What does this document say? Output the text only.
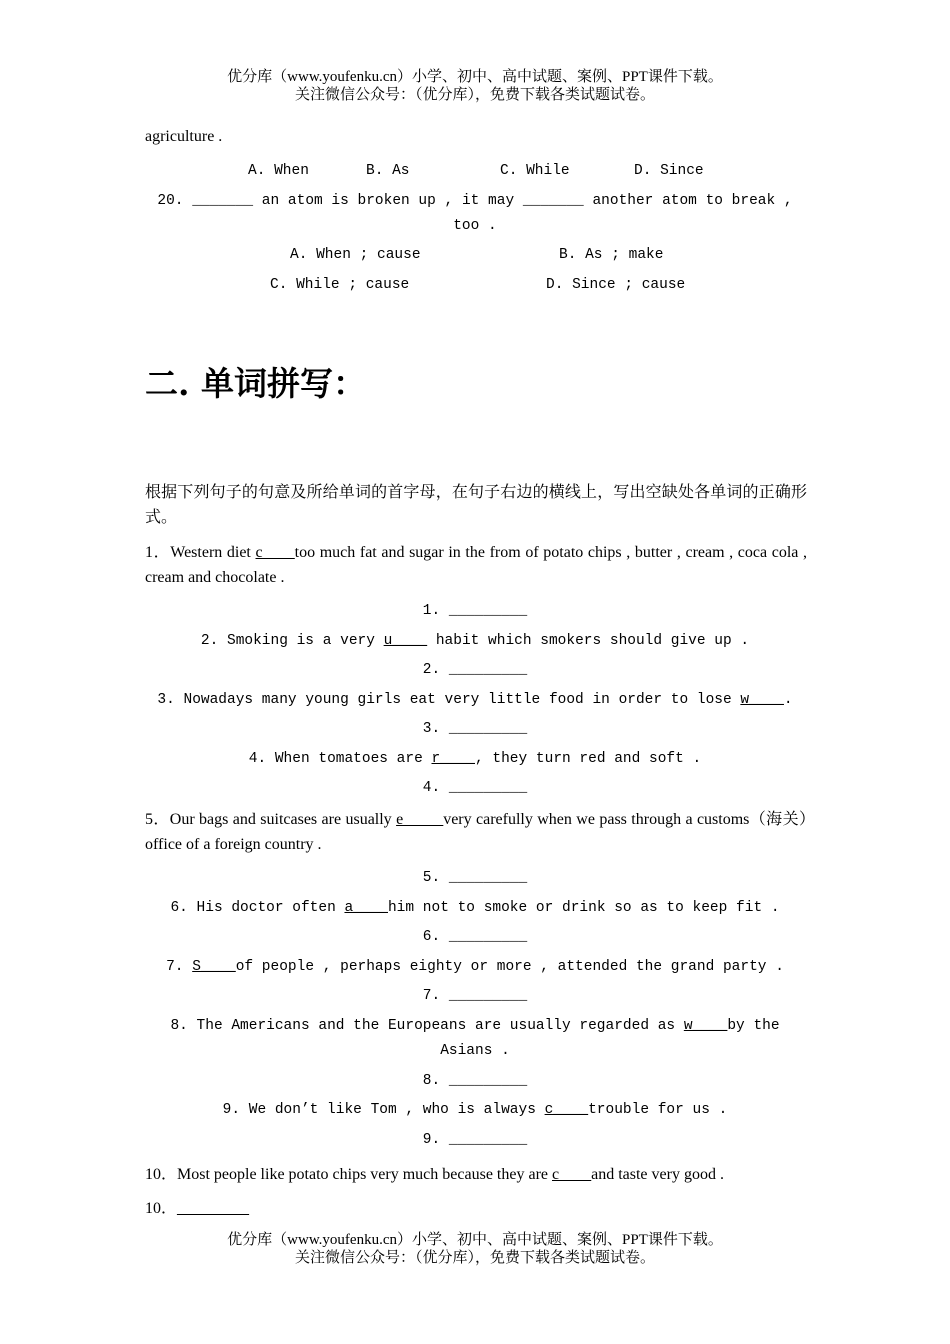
优分库（www.youfenku.cn）小学、初中、高中试题、案例、PPT课件下载。
关注微信公众号：（优分库），免费下载各类试题试卷。
agriculture .
A. When	B. As	C. While	D. Since
20. _______ an atom is broken up , it may _______ another atom to break ,
too .
A. When ; cause	B. As ; make
C. While ; cause	D. Since ; cause
二. 单词拼写：
根据下列句子的句意及所给单词的首字母，在句子右边的横线上，写出空缺处各单词的正确形式。
1．Western diet c____too much fat and sugar in the from of potato chips , butter , cream , coca cola , cream and chocolate .
1. _________
2. Smoking is a very u____ habit which smokers should give up .
2. _________
3. Nowadays many young girls eat very little food in order to lose w____.
3. _________
4. When tomatoes are r____, they turn red and soft .
4. _________
5．Our bags and suitcases are usually e_____very carefully when we pass through a customs（海关）office of a foreign country .
5. _________
6. His doctor often a____him not to smoke or drink so as to keep fit .
6. _________
7. S____of people , perhaps eighty or more , attended the grand party .
7. _________
8. The Americans and the Europeans are usually regarded as w____by the
Asians .
8. _________
9. We don’t like Tom , who is always c____trouble for us .
9. _________
10．Most people like potato chips very much because they are c____and taste very good .
10．_________
优分库（www.youfenku.cn）小学、初中、高中试题、案例、PPT课件下载。
关注微信公众号：（优分库），免费下载各类试题试卷。
